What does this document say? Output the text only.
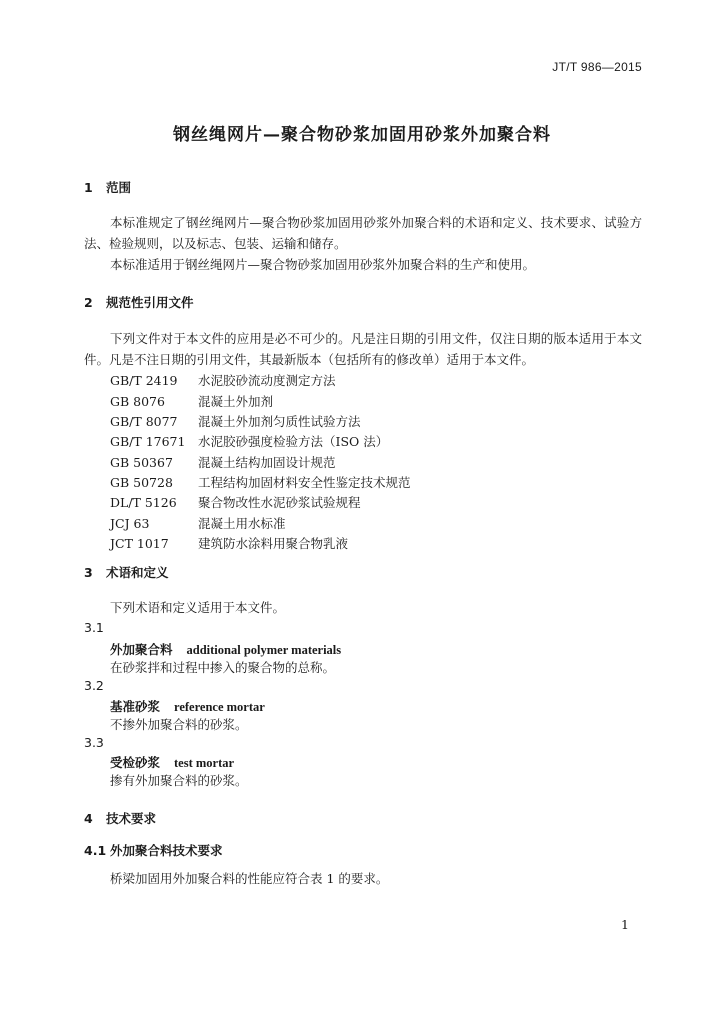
JT/T 986—2015
钢丝绳网片—聚合物砂浆加固用砂浆外加聚合料
1 范围
本标准规定了钢丝绳网片—聚合物砂浆加固用砂浆外加聚合料的术语和定义、技术要求、试验方法、检验规则，以及标志、包装、运输和储存。
本标准适用于钢丝绳网片—聚合物砂浆加固用砂浆外加聚合料的生产和使用。
2 规范性引用文件
下列文件对于本文件的应用是必不可少的。凡是注日期的引用文件，仅注日期的版本适用于本文件。凡是不注日期的引用文件，其最新版本（包括所有的修改单）适用于本文件。
GB/T 2419 水泥胶砂流动度测定方法
GB 8076	混凝土外加剂
GB/T 8077 混凝土外加剂匀质性试验方法
GB/T 17671 水泥胶砂强度检验方法（ISO 法）
GB 50367 混凝土结构加固设计规范
GB 50728 工程结构加固材料安全性鉴定技术规范
DL/T 5126 聚合物改性水泥砂浆试验规程
JCJ 63	混凝土用水标准
JCT 1017 建筑防水涂料用聚合物乳液
3 术语和定义
下列术语和定义适用于本文件。
3.1
外加聚合料 additional polymer materials
在砂浆拌和过程中掺入的聚合物的总称。
3.2
基准砂浆 reference mortar
不掺外加聚合料的砂浆。
3.3
受检砂浆 test mortar
掺有外加聚合料的砂浆。
4 技术要求
4.1 外加聚合料技术要求
桥梁加固用外加聚合料的性能应符合表 1 的要求。
1
